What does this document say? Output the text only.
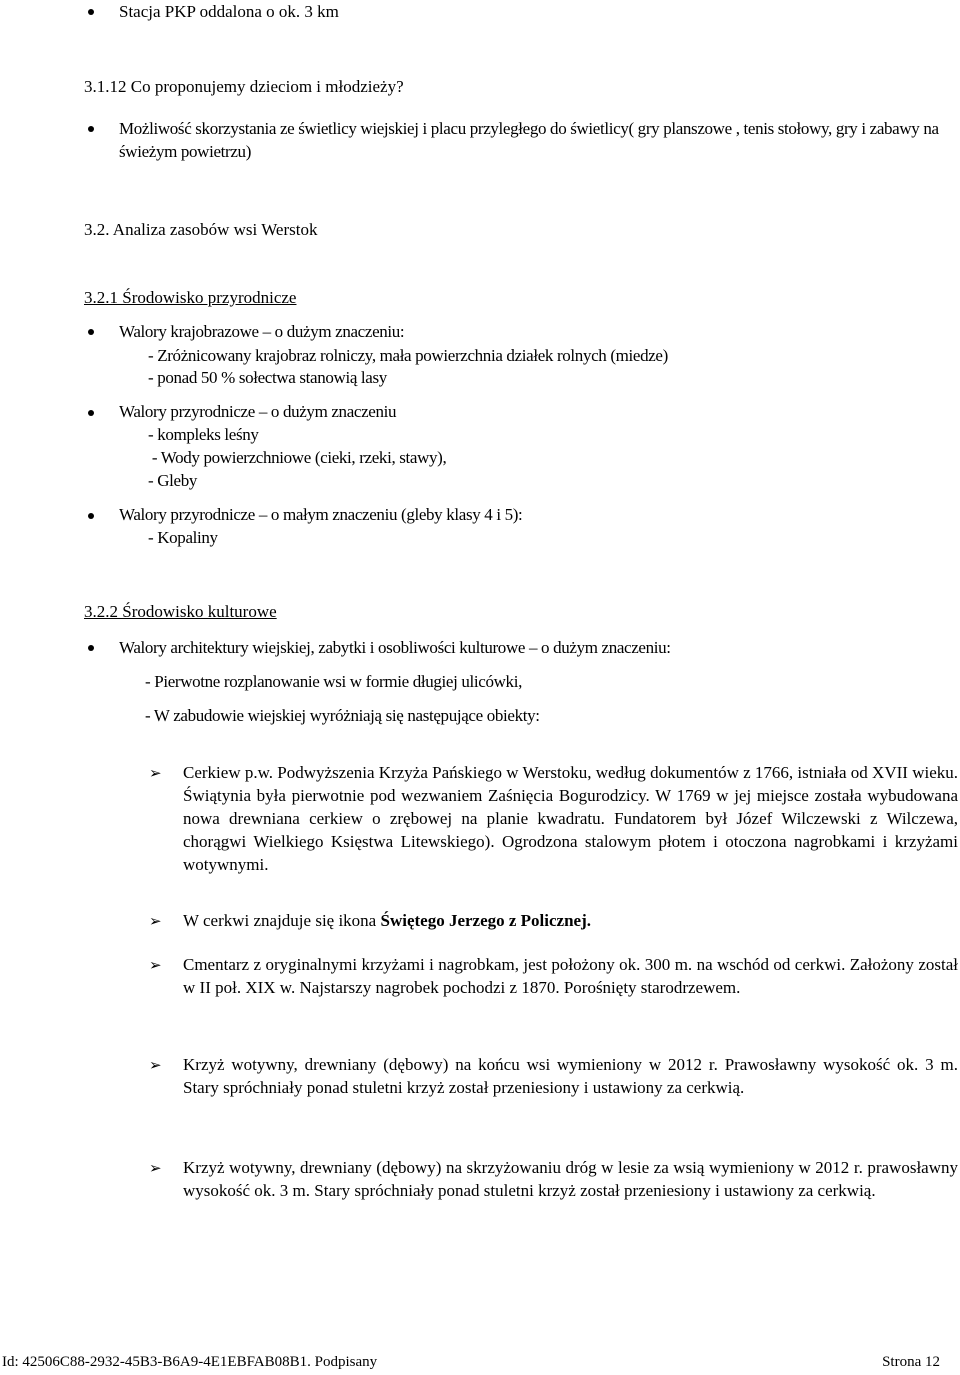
Stacja PKP oddalona o ok. 3 km
3.1.12 Co proponujemy dzieciom i młodzieży?
Możliwość skorzystania ze świetlicy wiejskiej i placu przyległego do świetlicy( gry planszowe , tenis stołowy, gry i zabawy na świeżym powietrzu)
3.2. Analiza zasobów wsi Werstok
3.2.1 Środowisko przyrodnicze
Walory krajobrazowe – o dużym znaczeniu:
- Zróżnicowany krajobraz rolniczy, mała powierzchnia działek rolnych (miedze)
- ponad 50 % sołectwa stanowią lasy
Walory przyrodnicze – o dużym znaczeniu
- kompleks leśny
- Wody powierzchniowe (cieki, rzeki, stawy),
- Gleby
Walory przyrodnicze – o małym znaczeniu (gleby klasy 4 i 5):
- Kopaliny
3.2.2 Środowisko kulturowe
Walory architektury wiejskiej, zabytki i osobliwości kulturowe – o dużym znaczeniu:
- Pierwotne rozplanowanie wsi w formie długiej ulicówki,
- W zabudowie wiejskiej wyróżniają się następujące obiekty:
➢ Cerkiew p.w. Podwyższenia Krzyża Pańskiego w Werstoku, według dokumentów z 1766, istniała od XVII wieku. Świątynia była pierwotnie pod wezwaniem Zaśnięcia Bogurodzicy. W 1769 w jej miejsce została wybudowana nowa drewniana cerkiew o zrębowej na planie kwadratu. Fundatorem był Józef Wilczewski z Wilczewa, chorągwi Wielkiego Księstwa Litewskiego). Ogrodzona stalowym płotem i otoczona nagrobkami i krzyżami wotywnymi.
➢ W cerkwi znajduje się ikona Świętego Jerzego z Policznej.
➢ Cmentarz z oryginalnymi krzyżami i nagrobkam, jest położony ok. 300 m. na wschód od cerkwi. Założony został w II poł. XIX w. Najstarszy nagrobek pochodzi z 1870. Porośnięty starodrzewem.
➢ Krzyż wotywny, drewniany (dębowy) na końcu wsi wymieniony w 2012 r. Prawosławny wysokość ok. 3 m. Stary spróchniały ponad stuletni krzyż został przeniesiony i ustawiony za cerkwią.
➢ Krzyż wotywny, drewniany (dębowy) na skrzyżowaniu dróg w lesie za wsią wymieniony w 2012 r. prawosławny wysokość ok. 3 m. Stary spróchniały ponad stuletni krzyż został przeniesiony i ustawiony za cerkwią.
Id: 42506C88-2932-45B3-B6A9-4E1EBFAB08B1. Podpisany	Strona 12
